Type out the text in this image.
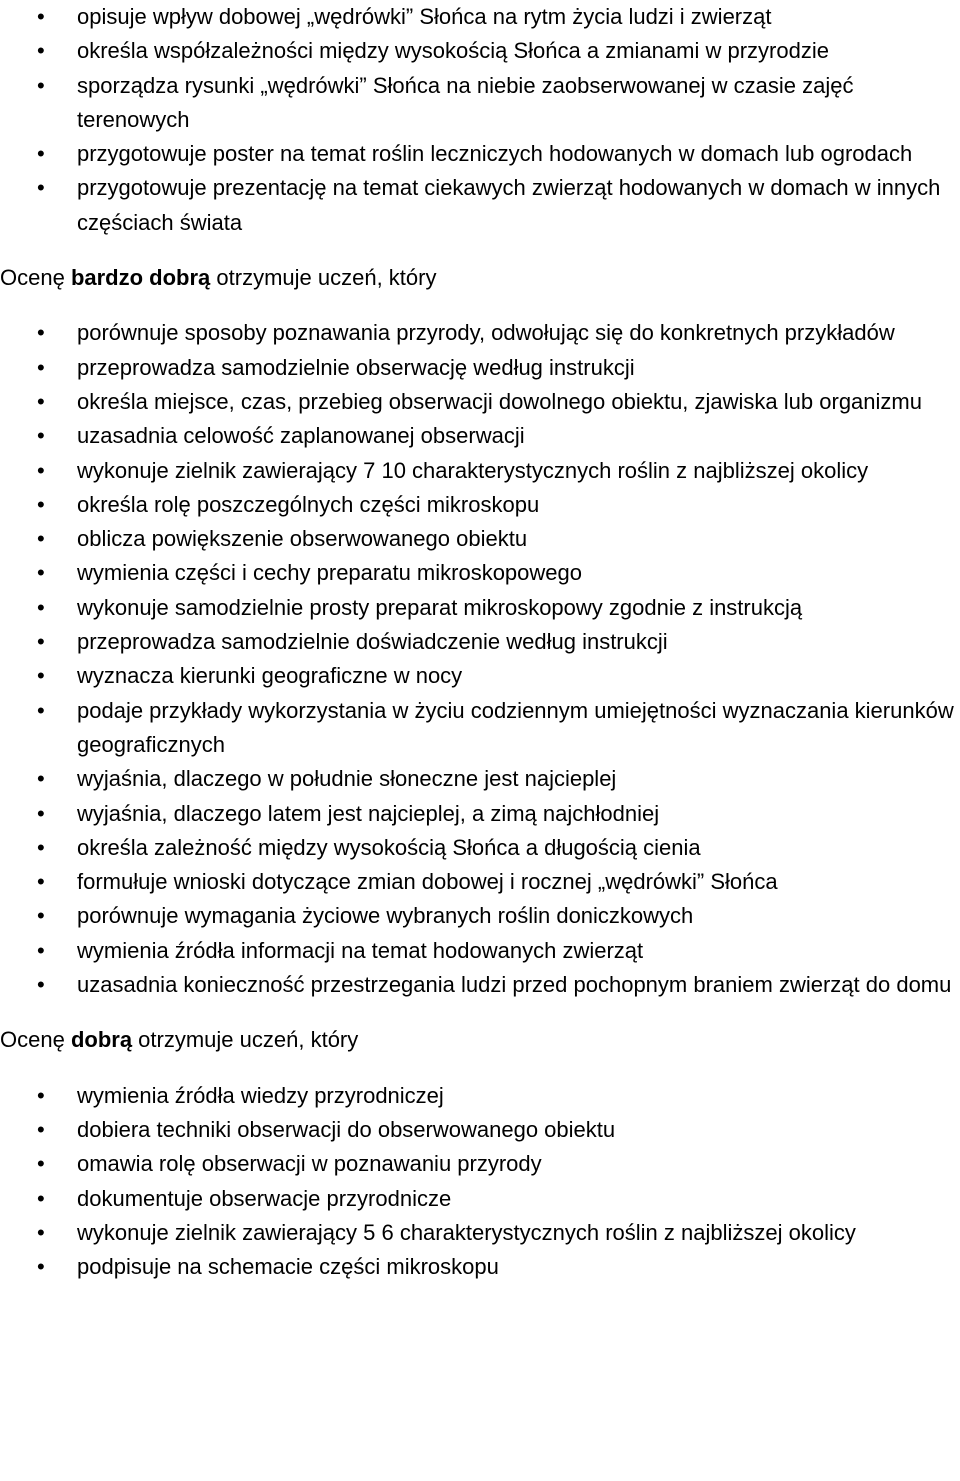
•	opisuje wpływ dobowej „wędrówki” Słońca na rytm życia ludzi i zwierząt
•	określa współzależności między wysokością Słońca a zmianami w przyrodzie
•	sporządza rysunki „wędrówki” Słońca na niebie zaobserwowanej w czasie zajęć terenowych
•	przygotowuje poster na temat roślin leczniczych hodowanych w domach lub ogrodach
•	przygotowuje prezentację na temat ciekawych zwierząt hodowanych w domach w innych częściach świata

Ocenę bardzo dobrą otrzymuje uczeń, który

•	porównuje sposoby poznawania przyrody, odwołując się do konkretnych przykładów
•	przeprowadza samodzielnie obserwację według instrukcji
•	określa miejsce, czas, przebieg obserwacji dowolnego obiektu, zjawiska lub organizmu
•	uzasadnia celowość zaplanowanej obserwacji
•	wykonuje zielnik zawierający 7 10 charakterystycznych roślin z najbliższej okolicy
•	określa rolę poszczególnych części mikroskopu
•	oblicza powiększenie obserwowanego obiektu
•	wymienia części i cechy preparatu mikroskopowego
•	wykonuje samodzielnie prosty preparat mikroskopowy zgodnie z instrukcją
•	przeprowadza samodzielnie doświadczenie według instrukcji
•	wyznacza kierunki geograficzne w nocy
•	podaje przykłady wykorzystania w życiu codziennym umiejętności wyznaczania kierunków geograficznych
•	wyjaśnia, dlaczego w południe słoneczne jest najcieplej
•	wyjaśnia, dlaczego latem jest najcieplej, a zimą najchłodniej
•	określa zależność między wysokością Słońca a długością cienia
•	formułuje wnioski dotyczące zmian dobowej i rocznej „wędrówki” Słońca
•	porównuje wymagania życiowe wybranych roślin doniczkowych
•	wymienia źródła informacji na temat hodowanych zwierząt
•	uzasadnia konieczność przestrzegania ludzi przed pochopnym braniem zwierząt do domu

Ocenę dobrą otrzymuje uczeń, który

•	wymienia źródła wiedzy przyrodniczej
•	dobiera techniki obserwacji do obserwowanego obiektu
•	omawia rolę obserwacji w poznawaniu przyrody
•	dokumentuje obserwacje przyrodnicze
•	wykonuje zielnik zawierający 5 6 charakterystycznych roślin z najbliższej okolicy
•	podpisuje na schemacie części mikroskopu
